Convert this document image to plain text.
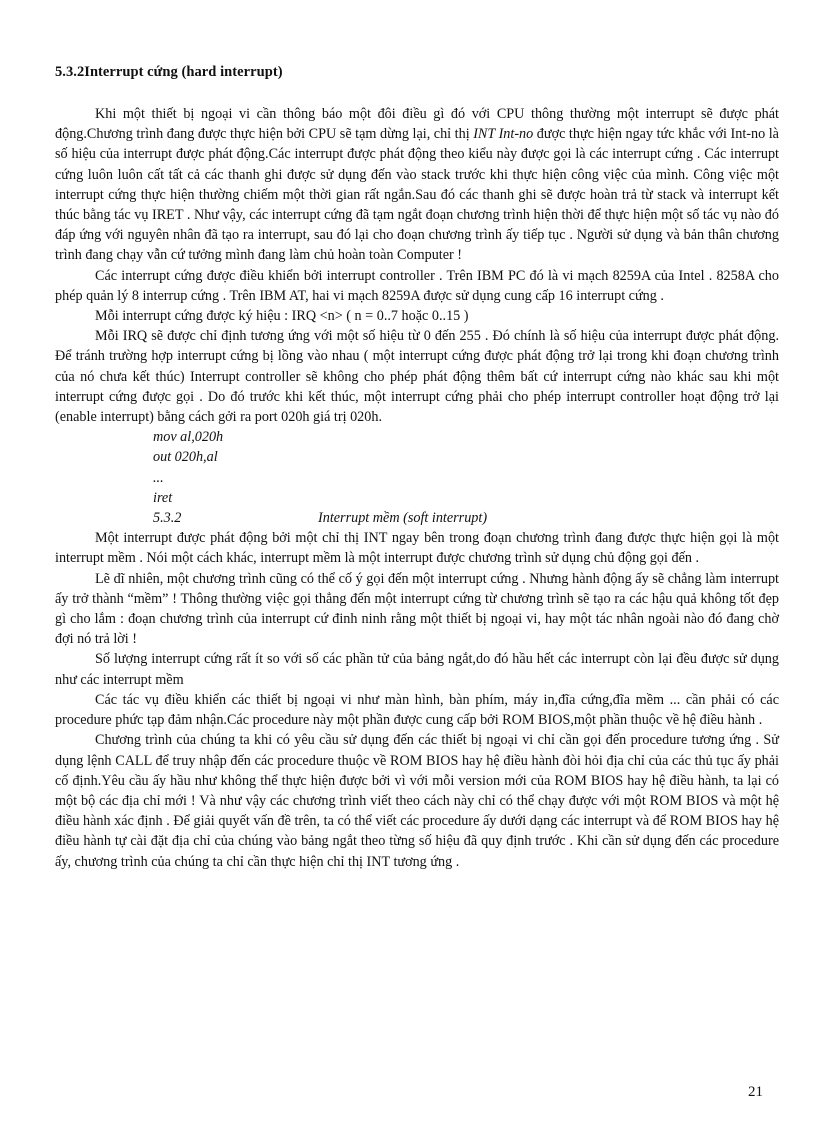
5.3.2Interrupt cứng (hard interrupt)

Khi một thiết bị ngoại vi cần thông báo một đôi điều gì đó với CPU thông thường một interrupt sẽ được phát động.Chương trình đang được thực hiện bởi CPU sẽ tạm dừng lại, chỉ thị INT Int-no được thực hiện ngay tức khắc với Int-no là số hiệu của interrupt được phát động.Các interrupt được phát động theo kiểu này được gọi là các interrupt cứng . Các interrupt cứng luôn luôn cất tất cả các thanh ghi được sử dụng đến vào stack trước khi thực hiện công việc của mình. Công việc một interrupt cứng thực hiện thường chiếm một thời gian rất ngắn.Sau đó các thanh ghi sẽ được hoàn trả từ stack và interrupt kết thúc bằng tác vụ IRET . Như vậy, các interrupt cứng đã tạm ngắt đoạn chương trình hiện thời để thực hiện một số tác vụ nào đó đáp ứng với nguyên nhân đã tạo ra interrupt, sau đó lại cho đoạn chương trình ấy tiếp tục . Người sử dụng và bản thân chương trình đang chạy vẫn cứ tưởng mình đang làm chủ hoàn toàn Computer !

Các interrupt cứng được điều khiển bởi interrupt controller . Trên IBM PC đó là vi mạch 8259A của Intel . 8258A cho phép quản lý 8 interrup cứng . Trên IBM AT, hai vi mạch 8259A được sử dụng cung cấp 16 interrupt cứng .

Mỗi interrupt cứng được ký hiệu : IRQ <n> ( n = 0..7 hoặc 0..15 )

Mỗi IRQ sẽ được chỉ định tương ứng với một số hiệu từ 0 đến 255 . Đó chính là số hiệu của interrupt được phát động. Để tránh trường hợp interrupt cứng bị lồng vào nhau ( một interrupt cứng được phát động trở lại trong khi đoạn chương trình của nó chưa kết thúc) Interrupt controller sẽ không cho phép phát động thêm bất cứ interrupt cứng nào khác sau khi một interrupt cứng được gọi . Do đó trước khi kết thúc, một interrupt cứng phải cho phép interrupt controller hoạt động trở lại (enable interrupt) bằng cách gởi ra port 020h giá trị 020h.

mov al,020h
out 020h,al
...
iret
5.3.2	Interrupt mềm (soft interrupt)

Một interrupt được phát động bởi một chỉ thị INT ngay bên trong đoạn chương trình đang được thực hiện gọi là một interrupt mềm . Nói một cách khác, interrupt mềm là một interrupt được chương trình sử dụng chủ động gọi đến .

Lẽ dĩ nhiên, một chương trình cũng có thể cố ý gọi đến một interrupt cứng . Nhưng hành động ấy sẽ chẳng làm interrupt ấy trở thành “mềm” ! Thông thường việc gọi thẳng đến một interrupt cứng từ chương trình sẽ tạo ra các hậu quả không tốt đẹp gì cho lắm : đoạn chương trình của interrupt cứ đinh ninh rằng một thiết bị ngoại vi, hay một tác nhân ngoài nào đó đang chờ đợi nó trả lời !

Số lượng interrupt cứng rất ít so với số các phần tử của bảng ngắt,do đó hầu hết các interrupt còn lại đều được sử dụng như các interrupt mềm

Các tác vụ điều khiển các thiết bị ngoại vi như màn hình, bàn phím, máy in,đĩa cứng,đĩa mềm ... cần phải có các procedure phức tạp đảm nhận.Các procedure này một phần được cung cấp bởi ROM BIOS,một phần thuộc về hệ điều hành .

Chương trình của chúng ta khi có yêu cầu sử dụng đến các thiết bị ngoại vi chỉ cần gọi đến procedure tương ứng . Sử dụng lệnh CALL để truy nhập đến các procedure thuộc về ROM BIOS hay hệ điều hành đòi hỏi địa chỉ của các thủ tục ấy phải cố định.Yêu cầu ấy hầu như không thể thực hiện được bởi vì với mỗi version mới của ROM BIOS hay hệ điều hành, ta lại có một bộ các địa chỉ mới ! Và như vậy các chương trình viết theo cách này chỉ có thể chạy được với một ROM BIOS và một hệ điều hành xác định . Để giải quyết vấn đề trên, ta có thể viết các procedure ấy dưới dạng các interrupt và để ROM BIOS hay hệ điều hành tự cài đặt địa chỉ của chúng vào bảng ngắt theo từng số hiệu đã quy định trước . Khi cần sử dụng đến các procedure ấy, chương trình của chúng ta chỉ cần thực hiện chỉ thị INT tương ứng .

21
